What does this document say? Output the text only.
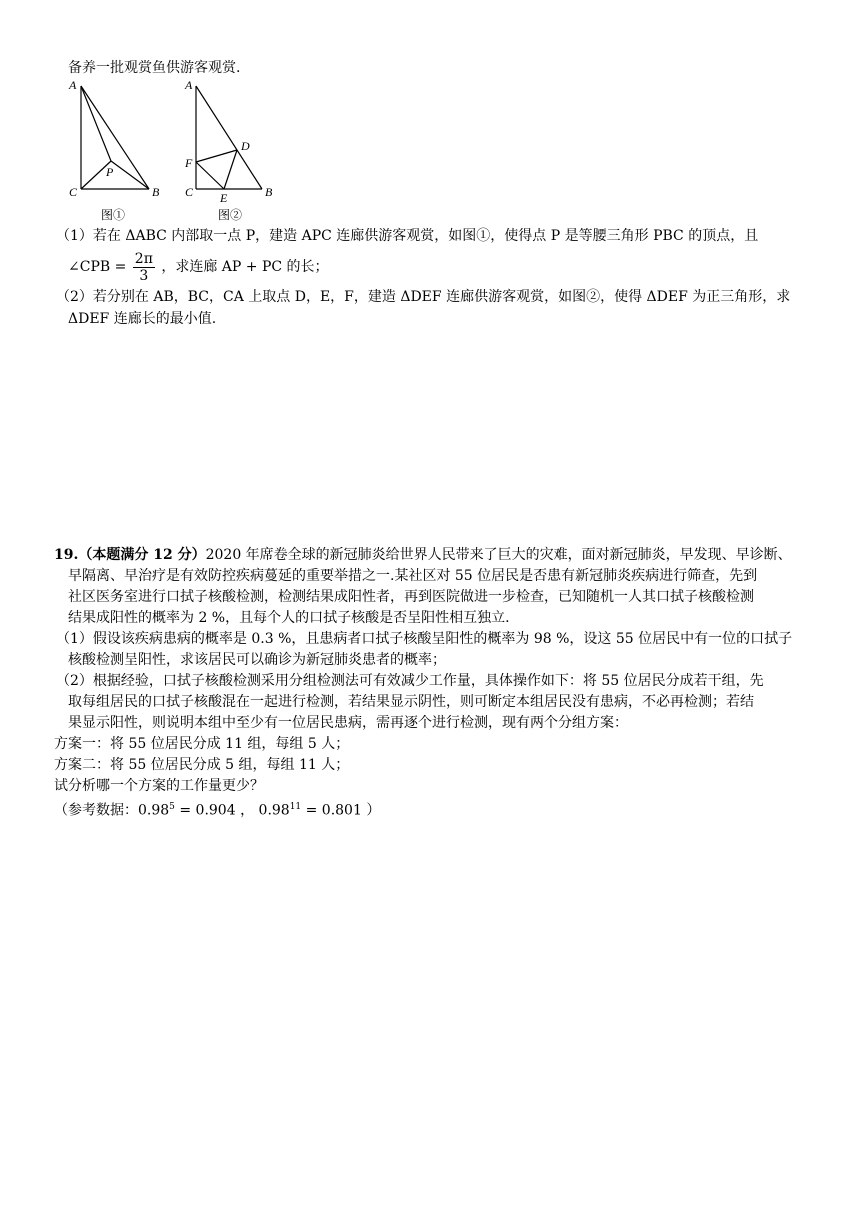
备养一批观赏鱼供游客观赏.
A
C	B
P
图①
A
C	B
D
F
E
图②
（1）若在 ΔABC 内部取一点 P，建造 APC 连廊供游客观赏，如图①，使得点 P 是等腰三角形 PBC 的顶点，且
∠CPB = $\frac{2\pi}{3}$ ，求连廊 AP + PC 的长；
（2）若分别在 AB，BC，CA 上取点 D，E，F，建造 ΔDEF 连廊供游客观赏，如图②，使得 ΔDEF 为正三角形，求
ΔDEF 连廊长的最小值.
19.（本题满分 12 分）2020 年席卷全球的新冠肺炎给世界人民带来了巨大的灾难，面对新冠肺炎，早发现、早诊断、
早隔离、早治疗是有效防控疾病蔓延的重要举措之一.某社区对 55 位居民是否患有新冠肺炎疾病进行筛查，先到
社区医务室进行口拭子核酸检测，检测结果成阳性者，再到医院做进一步检查，已知随机一人其口拭子核酸检测
结果成阳性的概率为 2 %，且每个人的口拭子核酸是否呈阳性相互独立.
（1）假设该疾病患病的概率是 0.3 %，且患病者口拭子核酸呈阳性的概率为 98 %，设这 55 位居民中有一位的口拭子
核酸检测呈阳性，求该居民可以确诊为新冠肺炎患者的概率；
（2）根据经验，口拭子核酸检测采用分组检测法可有效减少工作量，具体操作如下：将 55 位居民分成若干组，先
取每组居民的口拭子核酸混在一起进行检测，若结果显示阴性，则可断定本组居民没有患病，不必再检测；若结
果显示阳性，则说明本组中至少有一位居民患病，需再逐个进行检测，现有两个分组方案：
方案一：将 55 位居民分成 11 组，每组 5 人；
方案二：将 55 位居民分成 5 组，每组 11 人；
试分析哪一个方案的工作量更少？
（参考数据：$0.98^5 = 0.904$ ， $0.98^{11} = 0.801$ ）
